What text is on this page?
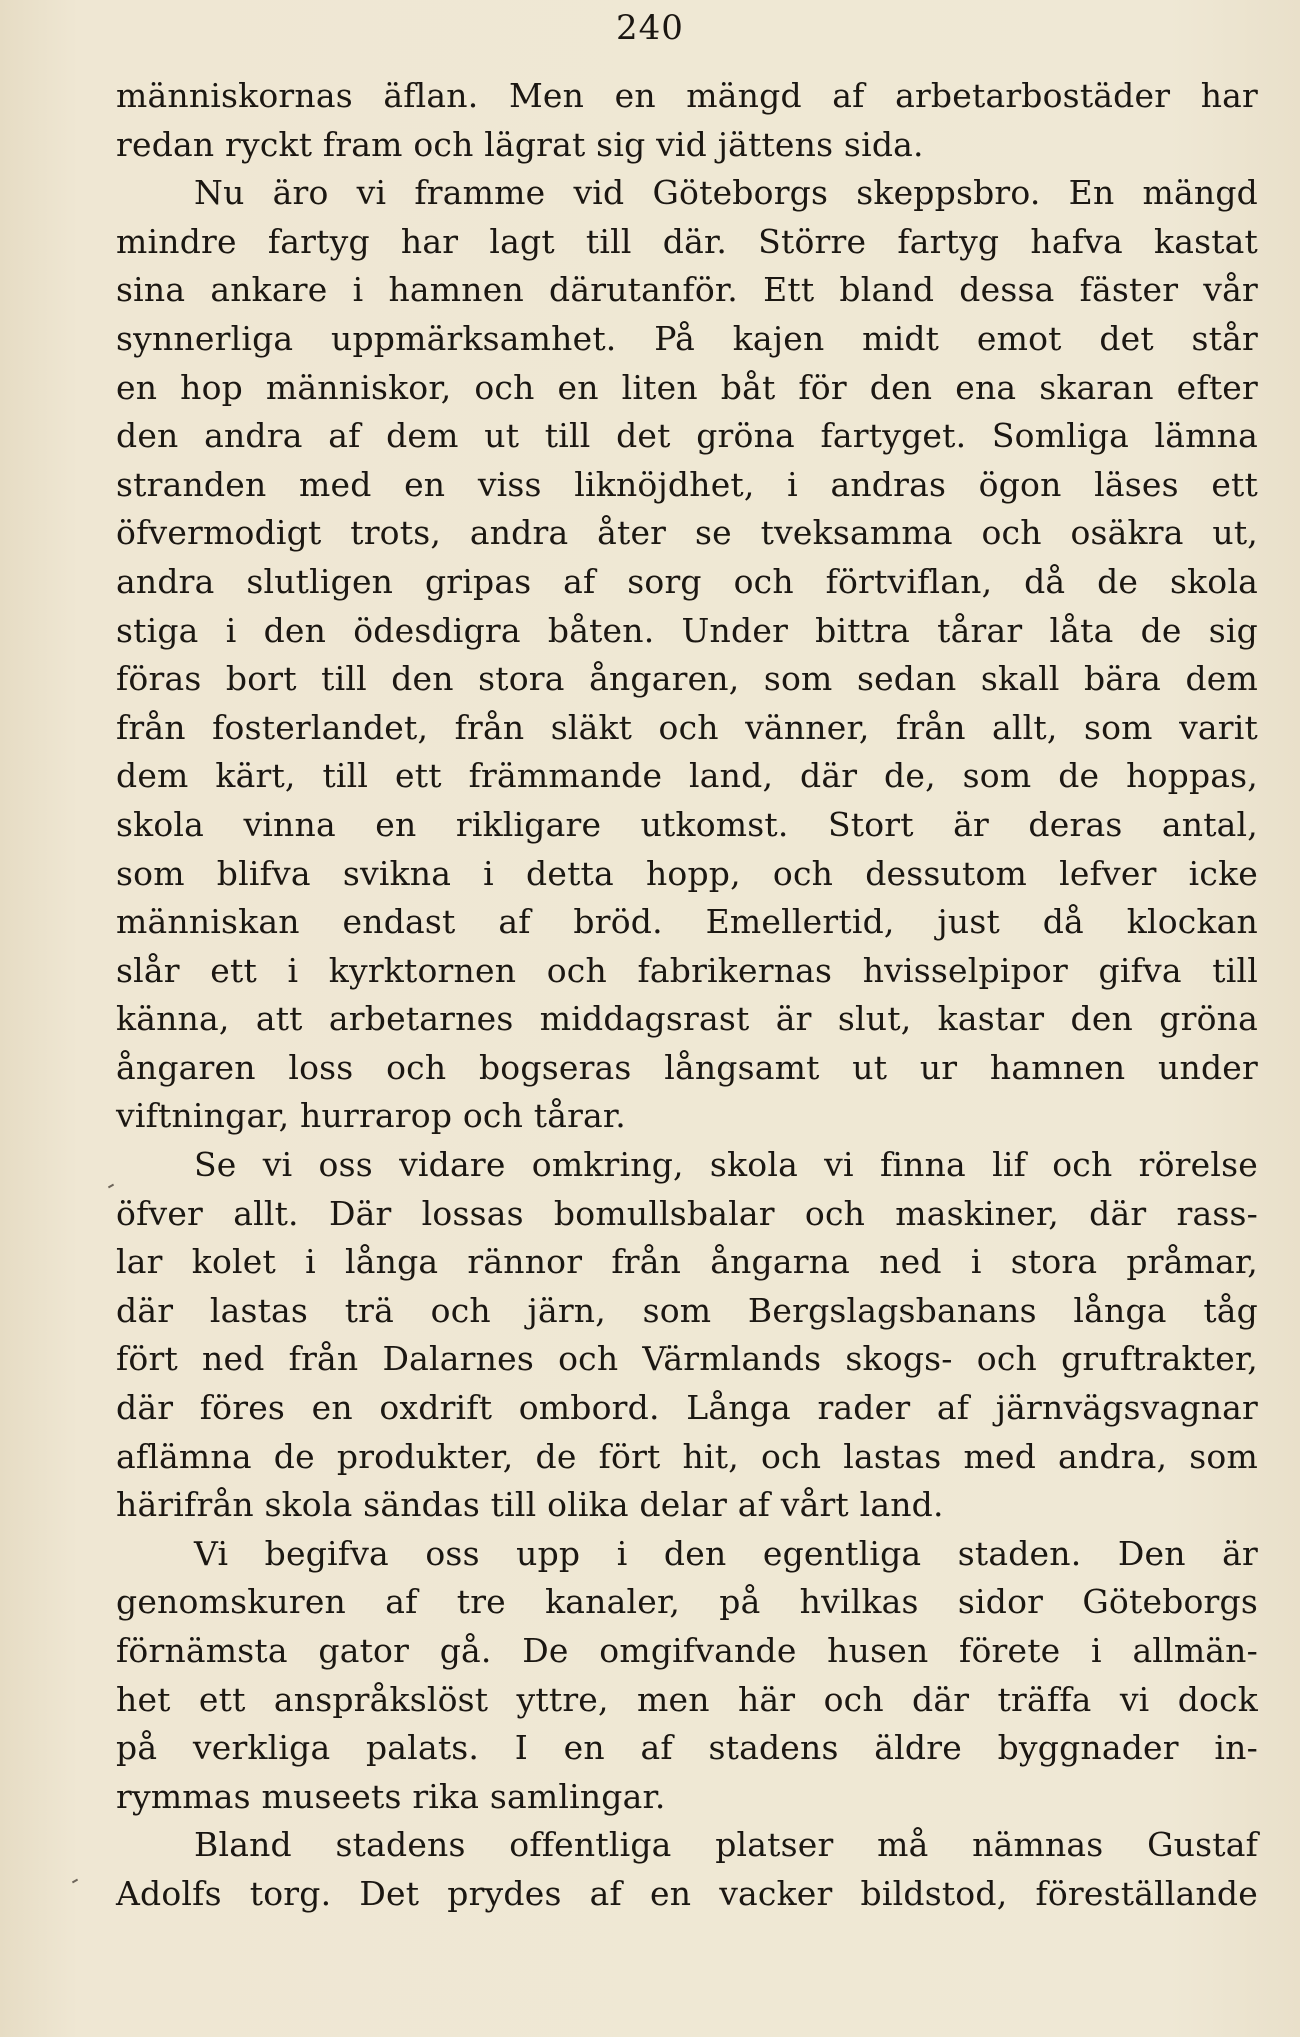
240
människornas äflan. Men en mängd af arbetarbostäder har
redan ryckt fram och lägrat sig vid jättens sida.
Nu äro vi framme vid Göteborgs skeppsbro. En mängd
mindre fartyg har lagt till där. Större fartyg hafva kastat
sina ankare i hamnen därutanför. Ett bland dessa fäster vår
synnerliga uppmärksamhet. På kajen midt emot det står
en hop människor, och en liten båt för den ena skaran efter
den andra af dem ut till det gröna fartyget. Somliga lämna
stranden med en viss liknöjdhet, i andras ögon läses ett
öfvermodigt trots, andra åter se tveksamma och osäkra ut,
andra slutligen gripas af sorg och förtviflan, då de skola
stiga i den ödesdigra båten. Under bittra tårar låta de sig
föras bort till den stora ångaren, som sedan skall bära dem
från fosterlandet, från släkt och vänner, från allt, som varit
dem kärt, till ett främmande land, där de, som de hoppas,
skola vinna en rikligare utkomst. Stort är deras antal,
som blifva svikna i detta hopp, och dessutom lefver icke
människan endast af bröd. Emellertid, just då klockan
slår ett i kyrktornen och fabrikernas hvisselpipor gifva till
känna, att arbetarnes middagsrast är slut, kastar den gröna
ångaren loss och bogseras långsamt ut ur hamnen under
viftningar, hurrarop och tårar.
Se vi oss vidare omkring, skola vi finna lif och rörelse
öfver allt. Där lossas bomullsbalar och maskiner, där rass-
lar kolet i långa rännor från ångarna ned i stora pråmar,
där lastas trä och järn, som Bergslagsbanans långa tåg
fört ned från Dalarnes och Värmlands skogs- och gruftrakter,
där föres en oxdrift ombord. Långa rader af järnvägsvagnar
aflämna de produkter, de fört hit, och lastas med andra, som
härifrån skola sändas till olika delar af vårt land.
Vi begifva oss upp i den egentliga staden. Den är
genomskuren af tre kanaler, på hvilkas sidor Göteborgs
förnämsta gator gå. De omgifvande husen förete i allmän-
het ett anspråkslöst yttre, men här och där träffa vi dock
på verkliga palats. I en af stadens äldre byggnader in-
rymmas museets rika samlingar.
Bland stadens offentliga platser må nämnas Gustaf
Adolfs torg. Det prydes af en vacker bildstod, föreställande
